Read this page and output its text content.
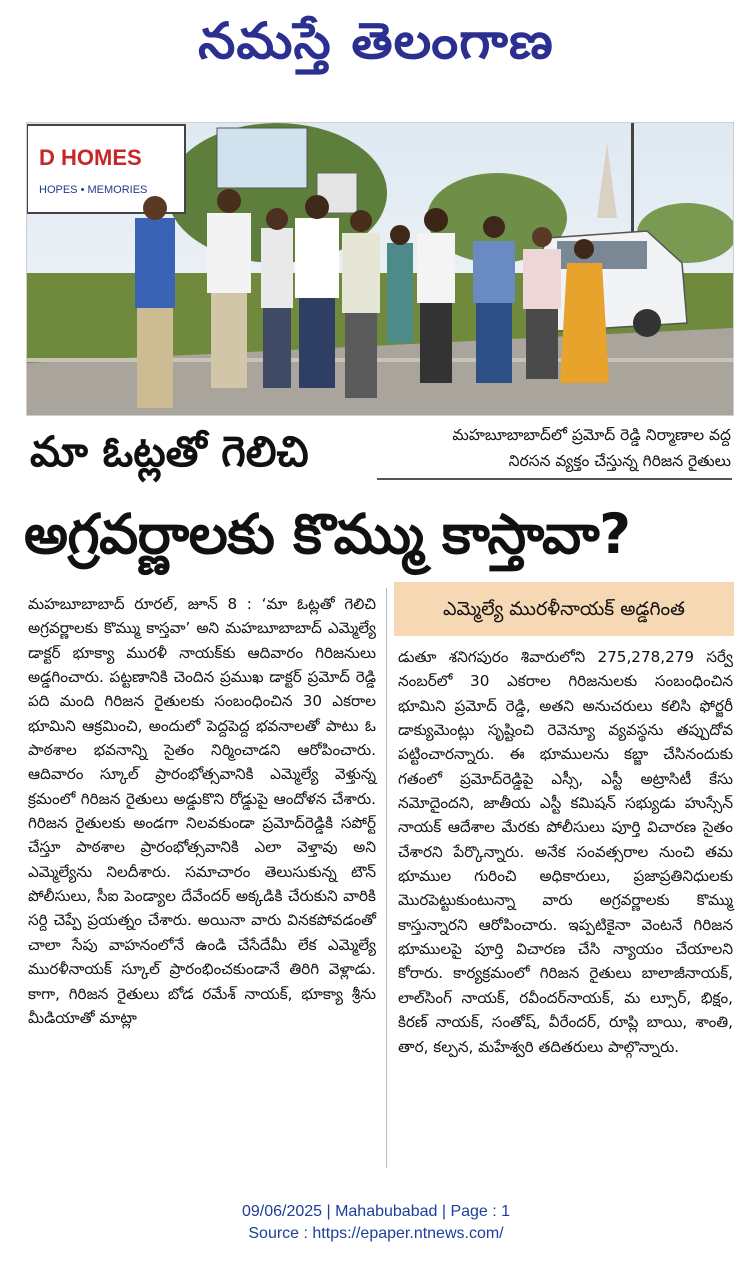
నమస్తే తెలంగాణ
D HOMES
HOPES • MEMORIES
మా ఓట్లతో గెలిచి	మహబూబాబాద్‌లో ప్రమోద్ రెడ్డి నిర్మాణాల వద్ద
నిరసన వ్యక్తం చేస్తున్న గిరిజన రైతులు
అగ్రవర్ణాలకు కొమ్ము కాస్తావా?
ఎమ్మెల్యే మురళీనాయక్ అడ్డగింత
మహబూబాబాద్ రూరల్, జూన్ 8 : ‘మా ఓట్లతో గెలిచి అగ్రవర్ణాలకు కొమ్ము కాస్తవా’ అని మహబూబాబాద్ ఎమ్మెల్యే డాక్టర్ భూక్యా మురళీ నాయక్‌కు ఆదివారం గిరిజనులు అడ్డగించారు. పట్టణానికి చెందిన ప్రముఖ డాక్టర్ ప్రమోద్ రెడ్డి పది మంది గిరిజన రైతులకు సంబంధించిన 30 ఎకరాల భూమిని ఆక్రమించి, అందులో పెద్దపెద్ద భవనాలతో పాటు ఓ పాఠశాల భవనాన్ని సైతం నిర్మించాడని ఆరోపించారు. ఆదివారం స్కూల్ ప్రారంభోత్సవానికి ఎమ్మెల్యే వెళ్తున్న క్రమంలో గిరిజన రైతులు అడ్డుకొని రోడ్డుపై ఆందోళన చేశారు. గిరిజన రైతులకు అండగా నిలవకుండా ప్రమోద్‌రెడ్డికి సపోర్ట్ చేస్తూ పాఠశాల ప్రారంభోత్సవానికి ఎలా వెళ్తావు అని ఎమ్మెల్యేను నిలదీశారు. సమాచారం తెలుసుకున్న టౌన్ పోలీసులు, సీఐ పెండ్యాల దేవేందర్ అక్కడికి చేరుకుని వారికి సర్ది చెప్పే ప్రయత్నం చేశారు. అయినా వారు వినకపోవడంతో చాలా సేపు వాహనంలోనే ఉండి చేసేదేమీ లేక ఎమ్మెల్యే మురళీనాయక్ స్కూల్ ప్రారంభించకుండానే తిరిగి వెళ్లాడు. కాగా, గిరిజన రైతులు బోడ రమేశ్ నాయక్, భూక్యా శ్రీను మీడియాతో మాట్లా
డుతూ శనిగపురం శివారులోని 275,278,279 సర్వే నంబర్‌లో 30 ఎకరాల గిరిజనులకు సంబంధించిన భూమిని ప్రమోద్ రెడ్డి, అతని అనుచరులు కలిసి ఫోర్జరీ డాక్యుమెంట్లు సృష్టించి రెవెన్యూ వ్యవస్థను తప్పుదోవ పట్టించారన్నారు. ఈ భూములను కబ్జా చేసినందుకు గతంలో ప్రమోద్‌రెడ్డిపై ఎస్సీ, ఎస్టీ అట్రాసిటీ కేసు నమోదైందని, జాతీయ ఎస్టీ కమిషన్ సభ్యుడు హుస్సేన్ నాయక్ ఆదేశాల మేరకు పోలీసులు పూర్తి విచారణ సైతం చేశారని పేర్కొన్నారు. అనేక సంవత్సరాల నుంచి తమ భూముల గురించి అధికారులు, ప్రజాప్రతినిధులకు మొరపెట్టుకుంటున్నా వారు అగ్రవర్ణాలకు కొమ్ము కాస్తున్నారని ఆరోపించారు. ఇప్పటికైనా వెంటనే గిరిజన భూములపై పూర్తి విచారణ చేసి న్యాయం చేయాలని కోరారు. కార్యక్రమంలో గిరిజన రైతులు బాలాజీనాయక్, లాల్‌సింగ్ నాయక్, రవీందర్‌నాయక్, మ ల్సూర్, భిక్షం, కిరణ్ నాయక్, సంతోష్, వీరేందర్, రూప్లి బాయి, శాంతి, తార, కల్పన, మహేశ్వరి తదితరులు పాల్గొన్నారు.
09/06/2025 | Mahabubabad | Page : 1
Source : https://epaper.ntnews.com/
